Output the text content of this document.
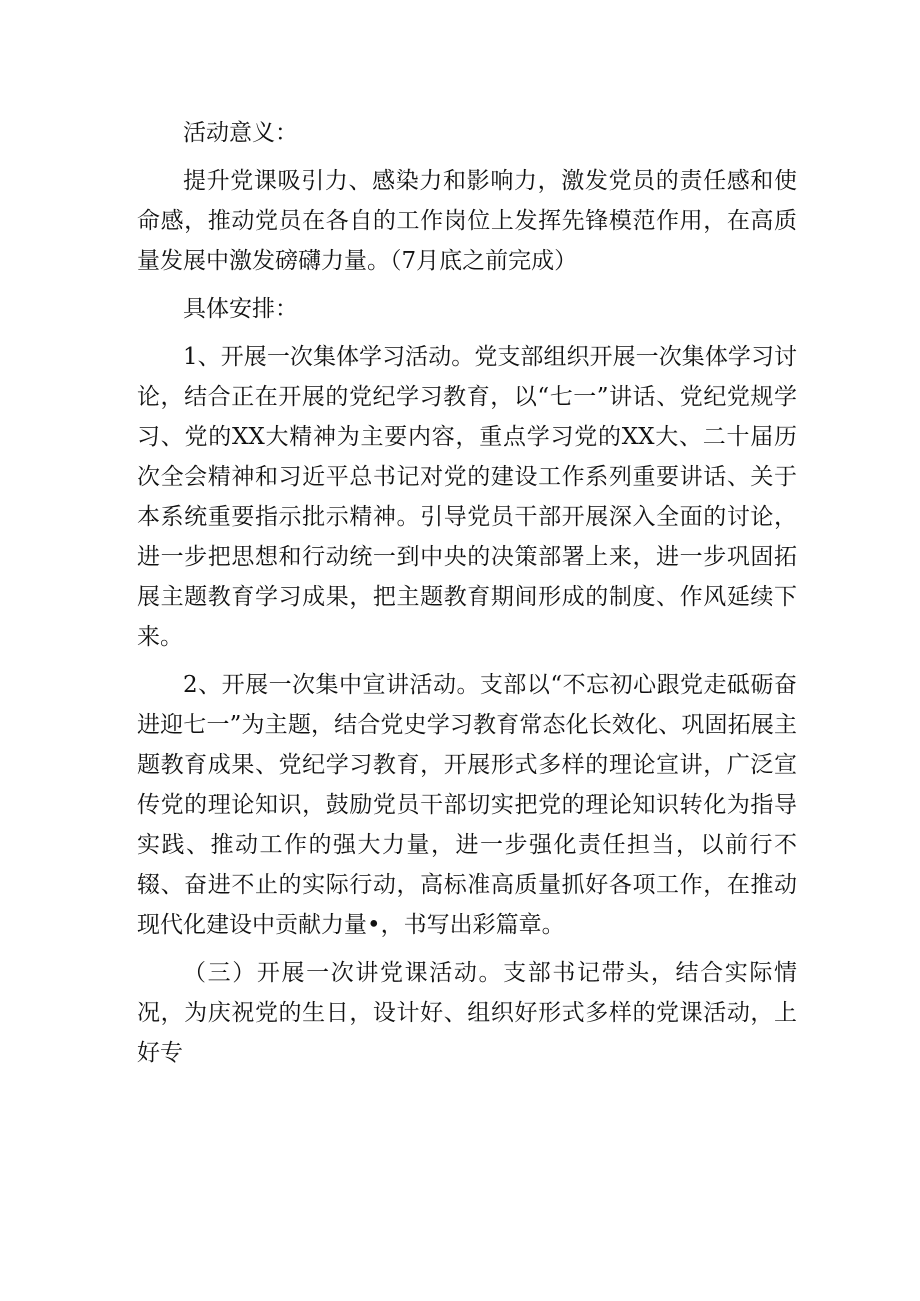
活动意义：

提升党课吸引力、感染力和影响力，激发党员的责任感和使命感，推动党员在各自的工作岗位上发挥先锋模范作用，在高质量发展中激发磅礴力量。（7月底之前完成）

具体安排：

1、开展一次集体学习活动。党支部组织开展一次集体学习讨论，结合正在开展的党纪学习教育，以“七一”讲话、党纪党规学习、党的XX大精神为主要内容，重点学习党的XX大、二十届历次全会精神和习近平总书记对党的建设工作系列重要讲话、关于本系统重要指示批示精神。引导党员干部开展深入全面的讨论，进一步把思想和行动统一到中央的决策部署上来，进一步巩固拓展主题教育学习成果，把主题教育期间形成的制度、作风延续下来。

2、开展一次集中宣讲活动。支部以“不忘初心跟党走砥砺奋进迎七一”为主题，结合党史学习教育常态化长效化、巩固拓展主题教育成果、党纪学习教育，开展形式多样的理论宣讲，广泛宣传党的理论知识，鼓励党员干部切实把党的理论知识转化为指导实践、推动工作的强大力量，进一步强化责任担当，以前行不辍、奋进不止的实际行动，高标准高质量抓好各项工作，在推动现代化建设中贡献力量•，书写出彩篇章。

（三）开展一次讲党课活动。支部书记带头，结合实际情况，为庆祝党的生日，设计好、组织好形式多样的党课活动，上好专
